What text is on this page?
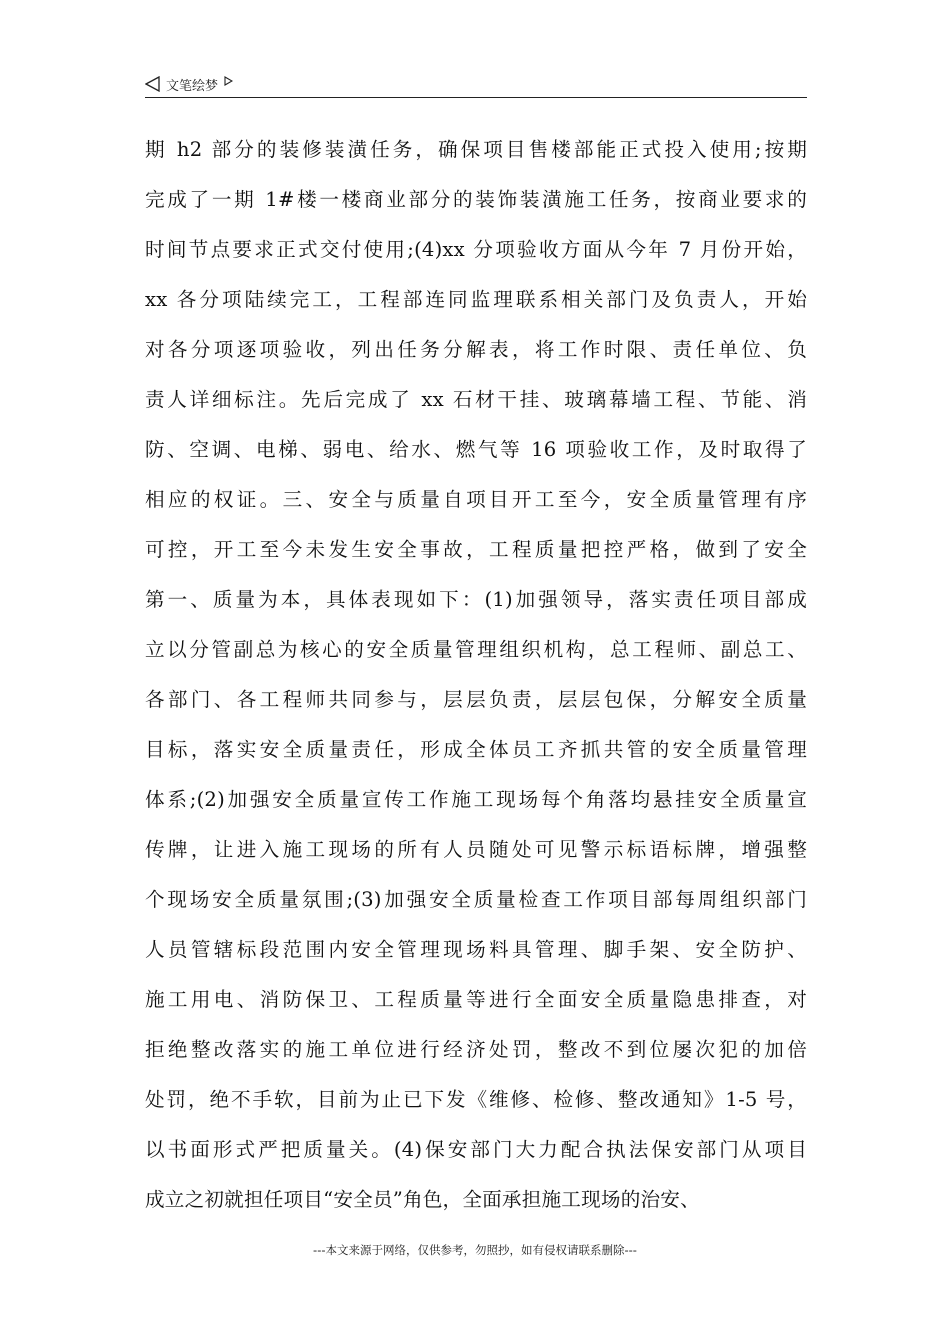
文笔绘梦
期 h2 部分的装修装潢任务，确保项目售楼部能正式投入使用;按期
完成了一期 1#楼一楼商业部分的装饰装潢施工任务，按商业要求的
时间节点要求正式交付使用;(4)xx 分项验收方面从今年 7 月份开始，
xx 各分项陆续完工，工程部连同监理联系相关部门及负责人，开始
对各分项逐项验收，列出任务分解表，将工作时限、责任单位、负
责人详细标注。先后完成了 xx 石材干挂、玻璃幕墙工程、节能、消
防、空调、电梯、弱电、给水、燃气等 16 项验收工作，及时取得了
相应的权证。三、安全与质量自项目开工至今，安全质量管理有序
可控，开工至今未发生安全事故，工程质量把控严格，做到了安全
第一、质量为本，具体表现如下：(1)加强领导，落实责任项目部成
立以分管副总为核心的安全质量管理组织机构，总工程师、副总工、
各部门、各工程师共同参与，层层负责，层层包保，分解安全质量
目标，落实安全质量责任，形成全体员工齐抓共管的安全质量管理
体系;(2)加强安全质量宣传工作施工现场每个角落均悬挂安全质量宣
传牌，让进入施工现场的所有人员随处可见警示标语标牌，增强整
个现场安全质量氛围;(3)加强安全质量检查工作项目部每周组织部门
人员管辖标段范围内安全管理现场料具管理、脚手架、安全防护、
施工用电、消防保卫、工程质量等进行全面安全质量隐患排查，对
拒绝整改落实的施工单位进行经济处罚，整改不到位屡次犯的加倍
处罚，绝不手软，目前为止已下发《维修、检修、整改通知》1-5 号，
以书面形式严把质量关。(4)保安部门大力配合执法保安部门从项目
成立之初就担任项目“安全员”角色，全面承担施工现场的治安、
---本文来源于网络，仅供参考，勿照抄，如有侵权请联系删除---
